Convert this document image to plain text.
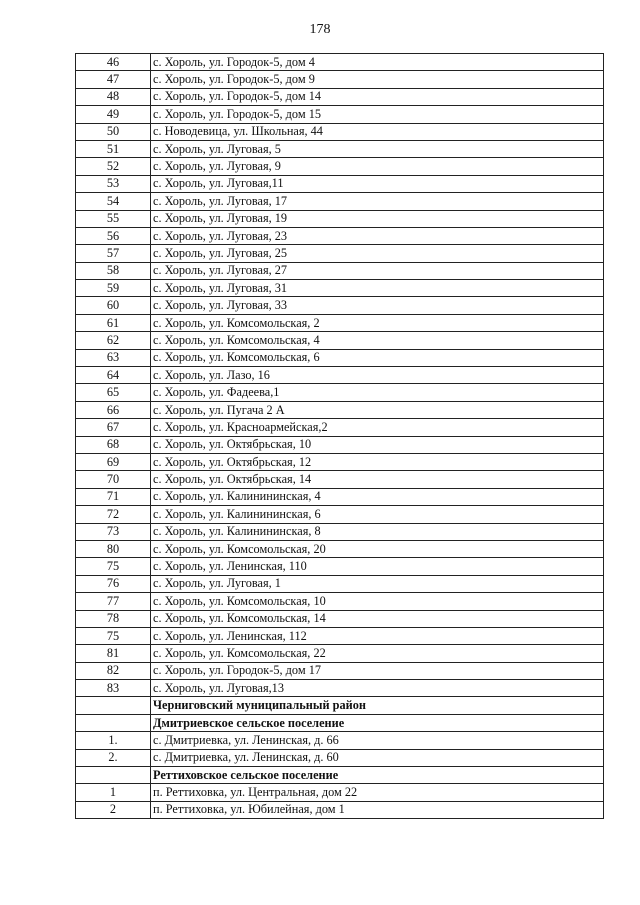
178
46	с. Хороль, ул. Городок-5, дом 4
47	с. Хороль, ул. Городок-5, дом 9
48	с. Хороль, ул. Городок-5, дом 14
49	с. Хороль, ул. Городок-5, дом 15
50	с. Новодевица, ул. Школьная, 44
51	с. Хороль, ул. Луговая, 5
52	с. Хороль, ул. Луговая, 9
53	с. Хороль, ул. Луговая,11
54	с. Хороль, ул. Луговая, 17
55	с. Хороль, ул. Луговая, 19
56	с. Хороль, ул. Луговая, 23
57	с. Хороль, ул. Луговая, 25
58	с. Хороль, ул. Луговая, 27
59	с. Хороль, ул. Луговая, 31
60	с. Хороль, ул. Луговая, 33
61	с. Хороль, ул. Комсомольская, 2
62	с. Хороль, ул. Комсомольская, 4
63	с. Хороль, ул. Комсомольская, 6
64	с. Хороль, ул. Лазо, 16
65	с. Хороль, ул. Фадеева,1
66	с. Хороль, ул. Пугача 2 А
67	с. Хороль, ул. Красноармейская,2
68	с. Хороль, ул. Октябрьская, 10
69	с. Хороль, ул. Октябрьская, 12
70	с. Хороль, ул. Октябрьская, 14
71	с. Хороль, ул. Калинининская, 4
72	с. Хороль, ул. Калинининская, 6
73	с. Хороль, ул. Калинининская, 8
80	с. Хороль, ул. Комсомольская, 20
75	с. Хороль, ул. Ленинская, 110
76	с. Хороль, ул. Луговая, 1
77	с. Хороль, ул. Комсомольская, 10
78	с. Хороль, ул. Комсомольская, 14
75	с. Хороль, ул. Ленинская, 112
81	с. Хороль, ул. Комсомольская, 22
82	с. Хороль, ул. Городок-5, дом 17
83	с. Хороль, ул. Луговая,13
	Черниговский муниципальный район
	Дмитриевское сельское поселение
1.	с. Дмитриевка, ул. Ленинская, д. 66
2.	с. Дмитриевка, ул. Ленинская, д. 60
	Реттиховское сельское поселение
1	п. Реттиховка, ул. Центральная, дом 22
2	п. Реттиховка, ул. Юбилейная, дом 1
